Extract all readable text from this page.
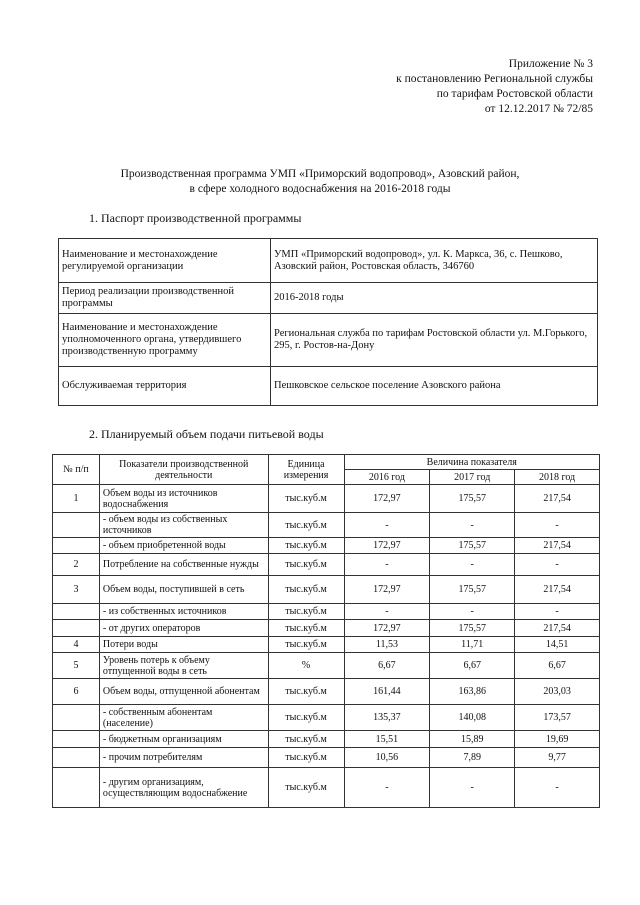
Приложение № 3
к постановлению Региональной службы
по тарифам Ростовской области
от 12.12.2017 № 72/85
Производственная программа УМП «Приморский водопровод», Азовский район,
в сфере холодного водоснабжения на 2016-2018 годы
1. Паспорт производственной программы
Наименование и местонахождение регулируемой организации	УМП «Приморский водопровод», ул. К. Маркса, 36, с. Пешково, Азовский район, Ростовская область, 346760
Период реализации производственной программы	2016-2018 годы
Наименование и местонахождение уполномоченного органа, утвердившего производственную программу	Региональная служба по тарифам Ростовской области ул. М.Горького, 295, г. Ростов-на-Дону
Обслуживаемая территория	Пешковское сельское поселение Азовского района
2. Планируемый объем подачи питьевой воды
№ п/п	Показатели производственной деятельности	Единица измерения	Величина показателя		
			2016 год	2017 год	2018 год
1	Объем воды из источников водоснабжения	тыс.куб.м	172,97	175,57	217,54
	- объем воды из собственных источников	тыс.куб.м	-	-	-
	- объем приобретенной воды	тыс.куб.м	172,97	175,57	217,54
2	Потребление на собственные нужды	тыс.куб.м	-	-	-
3	Объем воды, поступившей в сеть	тыс.куб.м	172,97	175,57	217,54
	- из собственных источников	тыс.куб.м	-	-	-
	- от других операторов	тыс.куб.м	172,97	175,57	217,54
4	Потери воды	тыс.куб.м	11,53	11,71	14,51
5	Уровень потерь к объему отпущенной воды в сеть	%	6,67	6,67	6,67
6	Объем воды, отпущенной абонентам	тыс.куб.м	161,44	163,86	203,03
	- собственным абонентам (население)	тыс.куб.м	135,37	140,08	173,57
	- бюджетным организациям	тыс.куб.м	15,51	15,89	19,69
	- прочим потребителям	тыс.куб.м	10,56	7,89	9,77
	- другим организациям, осуществляющим водоснабжение	тыс.куб.м	-	-	-
